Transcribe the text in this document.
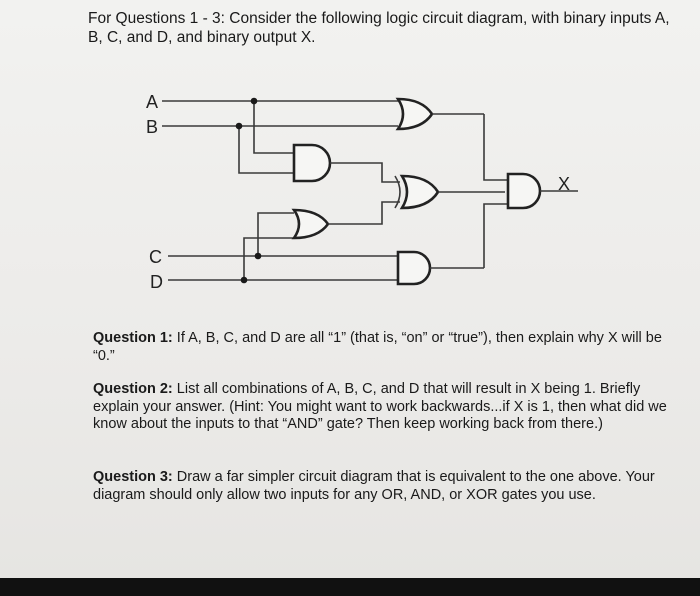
For Questions 1 - 3: Consider the following logic circuit diagram, with binary inputs A, B, C, and D, and binary output X.

A
B
C
D
X

Question 1: If A, B, C, and D are all “1” (that is, “on” or “true”), then explain why X will be “0.”

Question 2: List all combinations of A, B, C, and D that will result in X being 1. Briefly explain your answer. (Hint: You might want to work backwards...if X is 1, then what did we know about the inputs to that “AND” gate? Then keep working back from there.)

Question 3: Draw a far simpler circuit diagram that is equivalent to the one above. Your diagram should only allow two inputs for any OR, AND, or XOR gates you use.
